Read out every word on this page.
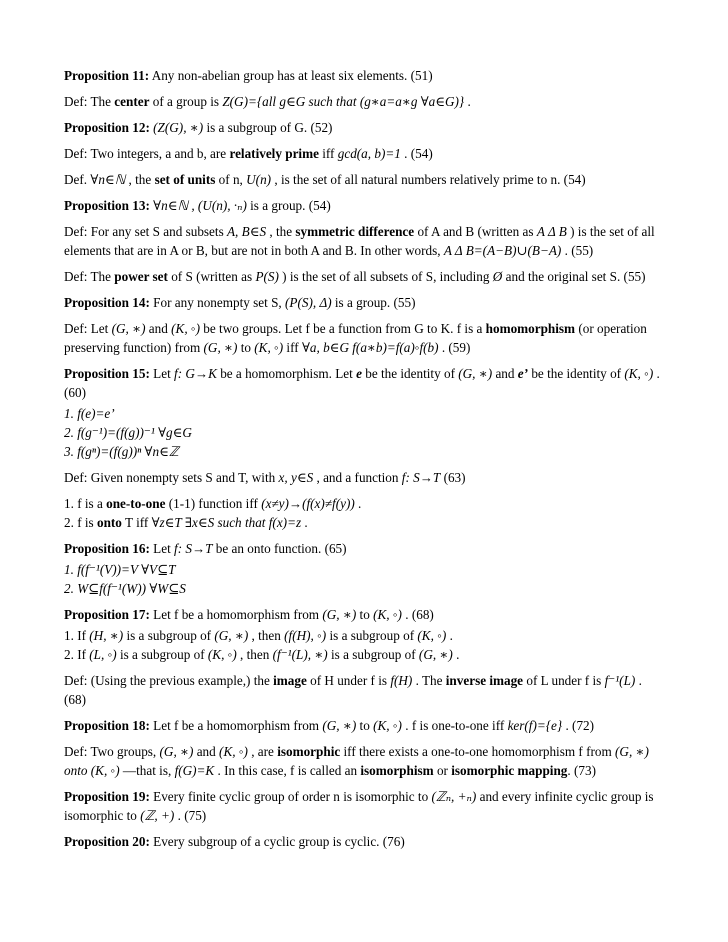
Proposition 11: Any non-abelian group has at least six elements. (51)

Def: The center of a group is Z(G)={all g∈G such that (g∗a=a∗g ∀a∈G)} .

Proposition 12: (Z(G), ∗) is a subgroup of G. (52)

Def: Two integers, a and b, are relatively prime iff gcd(a, b)=1 . (54)

Def. ∀n∈ℕ , the set of units of n, U(n) , is the set of all natural numbers relatively prime to n. (54)

Proposition 13: ∀n∈ℕ , (U(n), ·ₙ) is a group. (54)

Def: For any set S and subsets A, B∈S , the symmetric difference of A and B (written as A Δ B ) is the set of all elements that are in A or B, but are not in both A and B. In other words, A Δ B=(A−B)∪(B−A) . (55)

Def: The power set of S (written as P(S) ) is the set of all subsets of S, including Ø and the original set S. (55)

Proposition 14: For any nonempty set S, (P(S), Δ) is a group. (55)

Def: Let (G, ∗) and (K, ◦) be two groups. Let f be a function from G to K. f is a homomorphism (or operation preserving function) from (G, ∗) to (K, ◦) iff ∀a, b∈G f(a∗b)=f(a)◦f(b) . (59)

Proposition 15: Let f: G→K be a homomorphism. Let e be the identity of (G, ∗) and e’ be the identity of (K, ◦) . (60)

1. f(e)=e’

2. f(g⁻¹)=(f(g))⁻¹ ∀g∈G

3. f(gⁿ)=(f(g))ⁿ ∀n∈ℤ

Def: Given nonempty sets S and T, with x, y∈S , and a function f: S→T (63)

1. f is a one-to-one (1-1) function iff (x≠y)→(f(x)≠f(y)) .

2. f is onto T iff ∀z∈T ∃x∈S such that f(x)=z .

Proposition 16: Let f: S→T be an onto function. (65)

1. f(f⁻¹(V))=V ∀V⊆T

2. W⊆f(f⁻¹(W)) ∀W⊆S

Proposition 17: Let f be a homomorphism from (G, ∗) to (K, ◦) . (68)

1. If (H, ∗) is a subgroup of (G, ∗) , then (f(H), ◦) is a subgroup of (K, ◦) .

2. If (L, ◦) is a subgroup of (K, ◦) , then (f⁻¹(L), ∗) is a subgroup of (G, ∗) .

Def: (Using the previous example,) the image of H under f is f(H) . The inverse image of L under f is f⁻¹(L) . (68)

Proposition 18: Let f be a homomorphism from (G, ∗) to (K, ◦) . f is one-to-one iff ker(f)={e} . (72)

Def: Two groups, (G, ∗) and (K, ◦) , are isomorphic iff there exists a one-to-one homomorphism f from (G, ∗) onto (K, ◦) —that is, f(G)=K . In this case, f is called an isomorphism or isomorphic mapping. (73)

Proposition 19: Every finite cyclic group of order n is isomorphic to (ℤₙ, +ₙ) and every infinite cyclic group is isomorphic to (ℤ, +) . (75)

Proposition 20: Every subgroup of a cyclic group is cyclic. (76)
